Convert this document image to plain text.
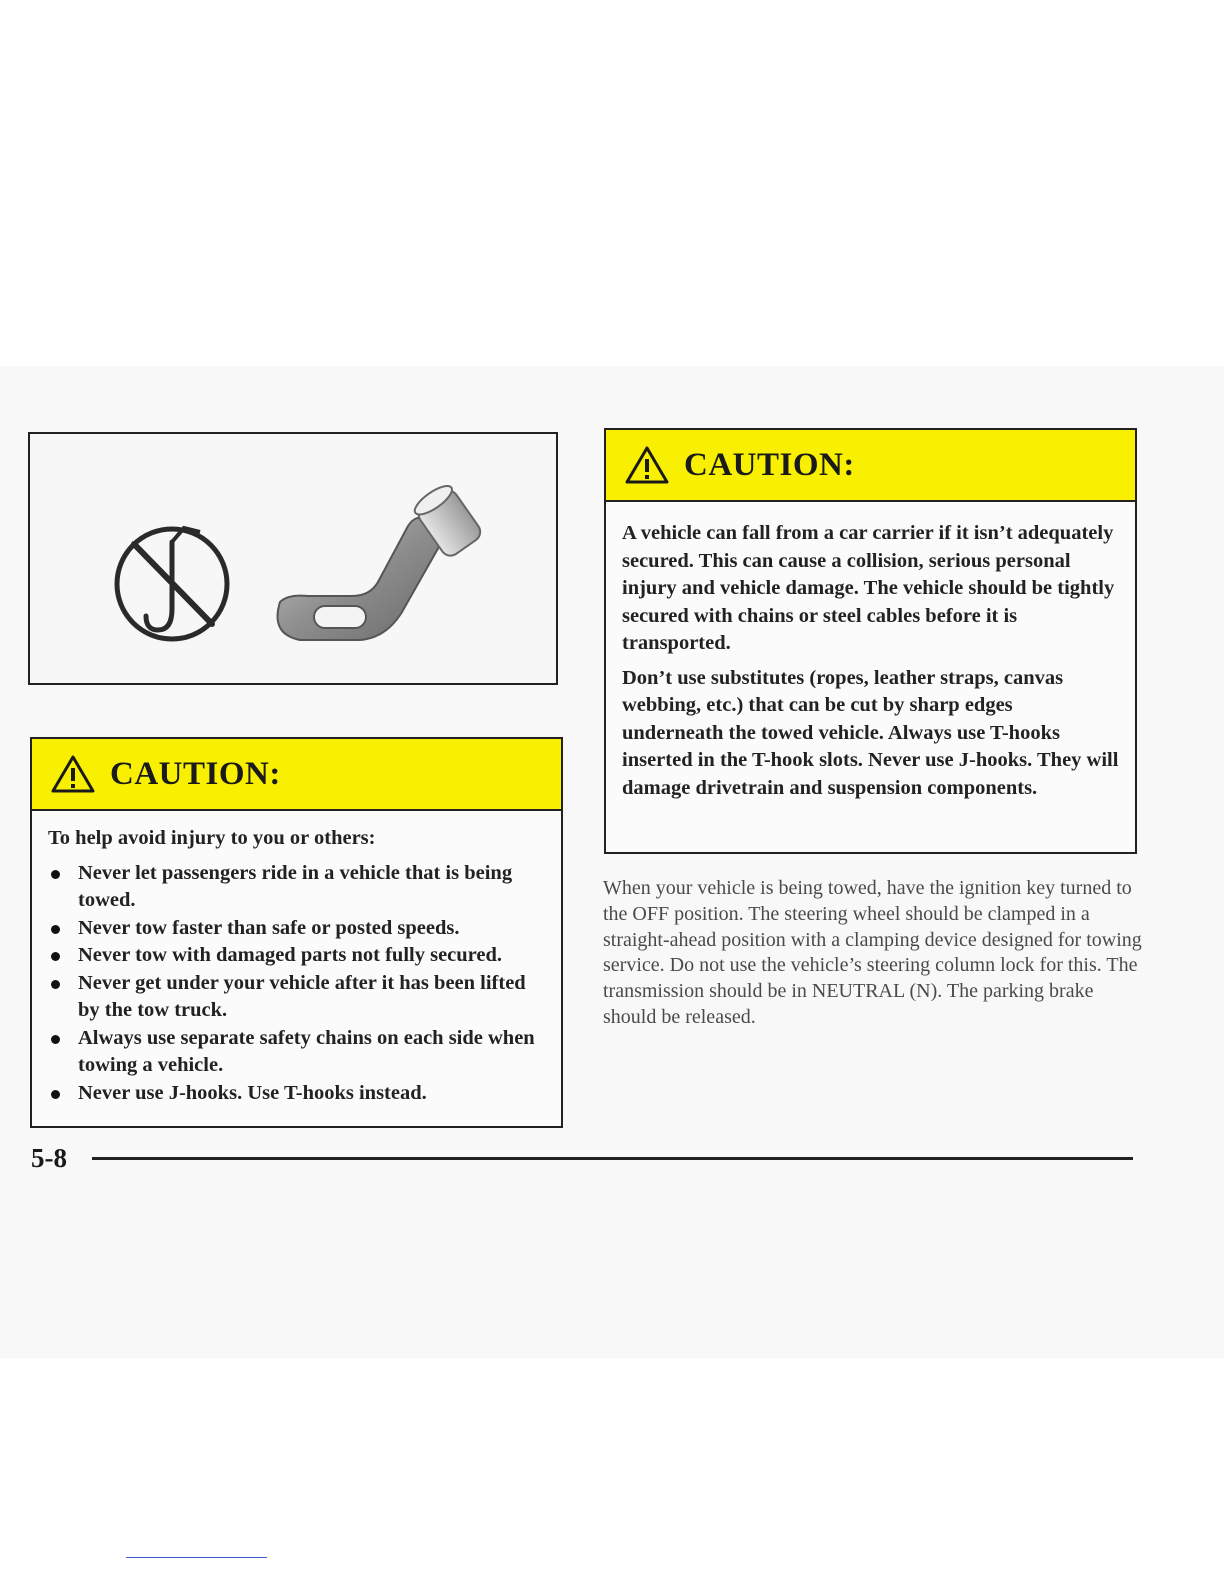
CAUTION:

To help avoid injury to you or others:

Never let passengers ride in a vehicle that is being towed.
Never tow faster than safe or posted speeds.
Never tow with damaged parts not fully secured.
Never get under your vehicle after it has been lifted by the tow truck.
Always use separate safety chains on each side when towing a vehicle.
Never use J-hooks. Use T-hooks instead.
CAUTION:

A vehicle can fall from a car carrier if it isn’t adequately secured. This can cause a collision, serious personal injury and vehicle damage. The vehicle should be tightly secured with chains or steel cables before it is transported.

Don’t use substitutes (ropes, leather straps, canvas webbing, etc.) that can be cut by sharp edges underneath the towed vehicle. Always use T-hooks inserted in the T-hook slots. Never use J-hooks. They will damage drivetrain and suspension components.

When your vehicle is being towed, have the ignition key turned to the OFF position. The steering wheel should be clamped in a straight-ahead position with a clamping device designed for towing service. Do not use the vehicle’s steering column lock for this. The transmission should be in NEUTRAL (N). The parking brake should be released.
5-8
